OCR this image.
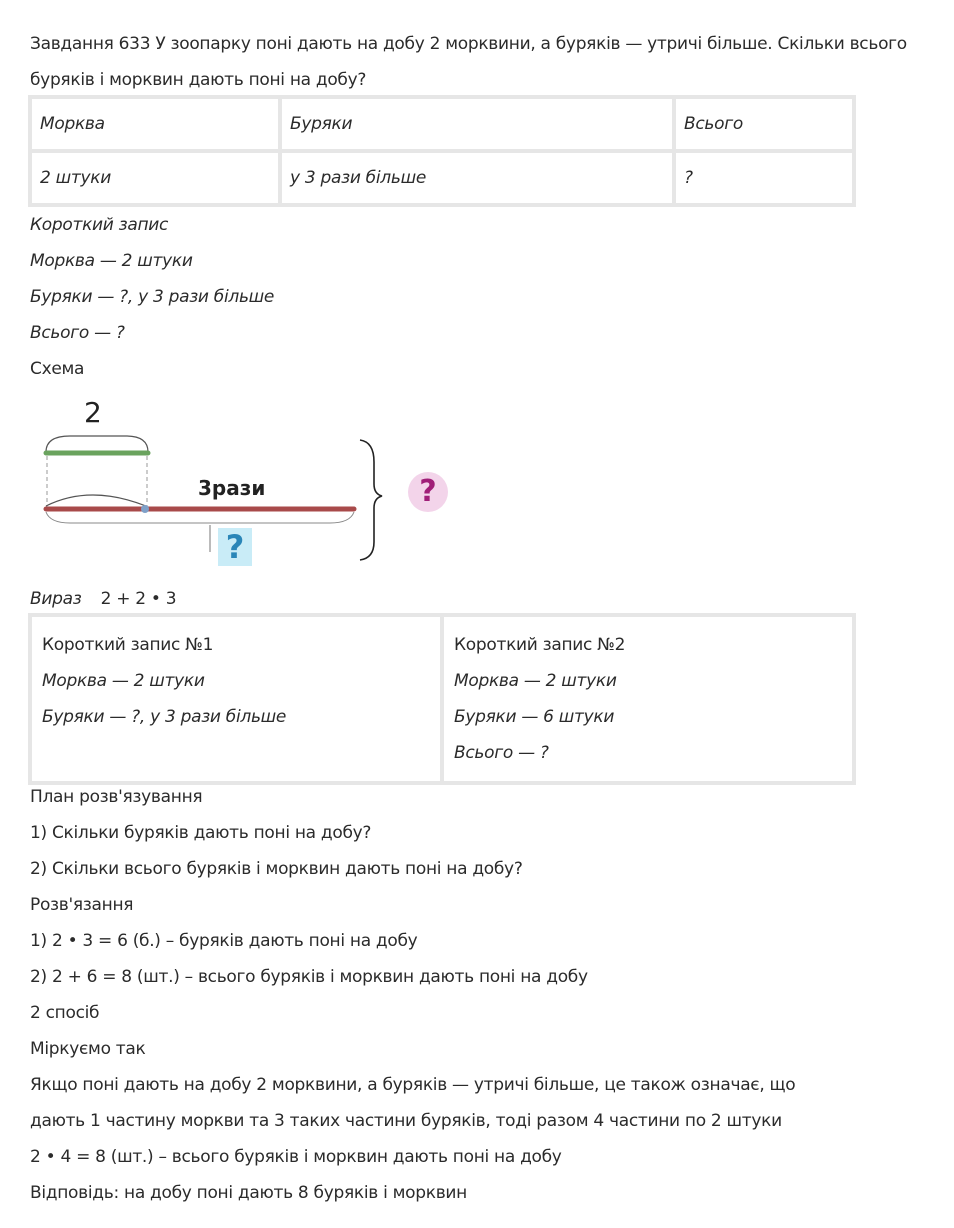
Завдання 633 У зоопарку поні дають на добу 2 морквини, а буряків — утричі більше. Скільки всього буряків і морквин дають поні на добу?
Морква	Буряки	Всього
2 штуки	у 3 рази більше	?
Короткий запис
Морква — 2 штуки
Буряки — ?, у 3 рази більше
Всього — ?
Схема
2
3рази	?
?
Вираз 2 + 2 • 3
Короткий запис №1
Морква — 2 штуки
Буряки — ?, у 3 рази більше

Короткий запис №2
Морква — 2 штуки
Буряки — 6 штуки
Всього — ?
План розв'язування
1) Скільки буряків дають поні на добу?
2) Скільки всього буряків і морквин дають поні на добу?
Розв'язання
1) 2 • 3 = 6 (б.) – буряків дають поні на добу
2) 2 + 6 = 8 (шт.) – всього буряків і морквин дають поні на добу
2 спосіб
Міркуємо так
Якщо поні дають на добу 2 морквини, а буряків — утричі більше, це також означає, що
дають 1 частину моркви та 3 таких частини буряків, тоді разом 4 частини по 2 штуки
2 • 4 = 8 (шт.) – всього буряків і морквин дають поні на добу
Відповідь: на добу поні дають 8 буряків і морквин
